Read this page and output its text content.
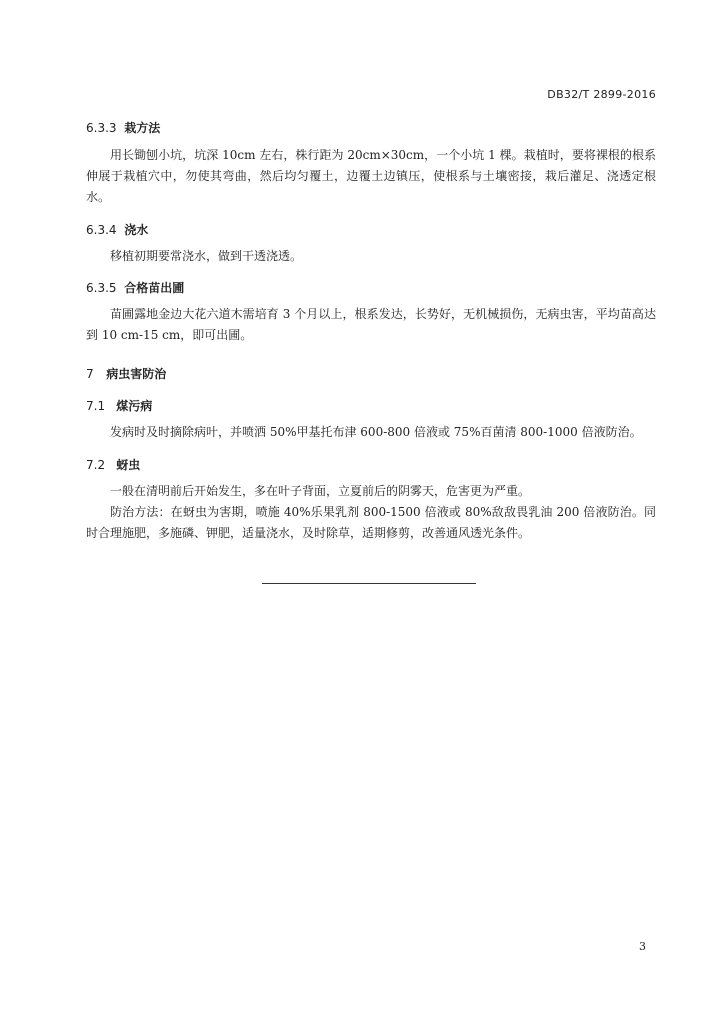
DB32/T 2899-2016

6.3.3 栽方法

用长锄刨小坑，坑深 10cm 左右，株行距为 20cm×30cm，一个小坑 1 棵。栽植时，要将裸根的根系伸展于栽植穴中，勿使其弯曲，然后均匀覆土，边覆土边镇压，使根系与土壤密接，栽后灌足、浇透定根水。

6.3.4 浇水

移植初期要常浇水，做到干透浇透。

6.3.5 合格苗出圃

苗圃露地金边大花六道木需培育 3 个月以上，根系发达，长势好，无机械损伤，无病虫害，平均苗高达到 10 cm-15 cm，即可出圃。

7 病虫害防治

7.1 煤污病

发病时及时摘除病叶，并喷洒 50%甲基托布津 600-800 倍液或 75%百菌清 800-1000 倍液防治。

7.2 蚜虫

一般在清明前后开始发生，多在叶子背面，立夏前后的阴雾天，危害更为严重。

防治方法：在蚜虫为害期，喷施 40%乐果乳剂 800-1500 倍液或 80%敌敌畏乳油 200 倍液防治。同时合理施肥，多施磷、钾肥，适量浇水，及时除草，适期修剪，改善通风透光条件。

3
